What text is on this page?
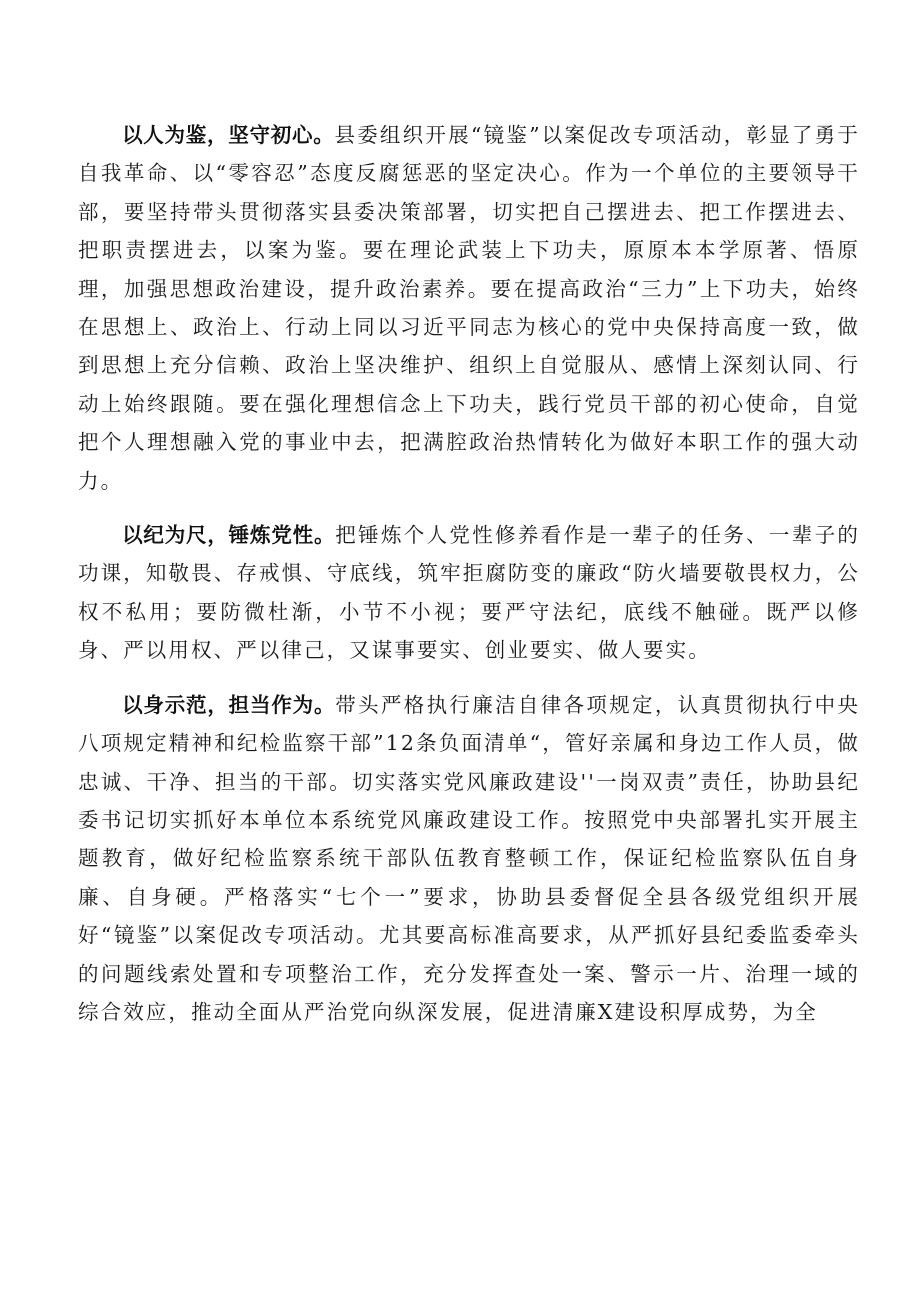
以人为鉴，坚守初心。县委组织开展“镜鉴”以案促改专项活动，彰显了勇于自我革命、以“零容忍”态度反腐惩恶的坚定决心。作为一个单位的主要领导干部，要坚持带头贯彻落实县委决策部署，切实把自己摆进去、把工作摆进去、把职责摆进去，以案为鉴。要在理论武装上下功夫，原原本本学原著、悟原理，加强思想政治建设，提升政治素养。要在提高政治“三力”上下功夫，始终在思想上、政治上、行动上同以习近平同志为核心的党中央保持高度一致，做到思想上充分信赖、政治上坚决维护、组织上自觉服从、感情上深刻认同、行动上始终跟随。要在强化理想信念上下功夫，践行党员干部的初心使命，自觉把个人理想融入党的事业中去，把满腔政治热情转化为做好本职工作的强大动力。

以纪为尺，锤炼党性。把锤炼个人党性修养看作是一辈子的任务、一辈子的功课，知敬畏、存戒惧、守底线，筑牢拒腐防变的廉政“防火墙要敬畏权力，公权不私用；要防微杜渐，小节不小视；要严守法纪，底线不触碰。既严以修身、严以用权、严以律己，又谋事要实、创业要实、做人要实。

以身示范，担当作为。带头严格执行廉洁自律各项规定，认真贯彻执行中央八项规定精神和纪检监察干部”12条负面清单“，管好亲属和身边工作人员，做忠诚、干净、担当的干部。切实落实党风廉政建设''一岗双责”责任，协助县纪委书记切实抓好本单位本系统党风廉政建设工作。按照党中央部署扎实开展主题教育，做好纪检监察系统干部队伍教育整顿工作，保证纪检监察队伍自身廉、自身硬。严格落实“七个一”要求，协助县委督促全县各级党组织开展好“镜鉴”以案促改专项活动。尤其要高标准高要求，从严抓好县纪委监委牵头的问题线索处置和专项整治工作，充分发挥查处一案、警示一片、治理一域的综合效应，推动全面从严治党向纵深发展，促进清廉X建设积厚成势，为全
